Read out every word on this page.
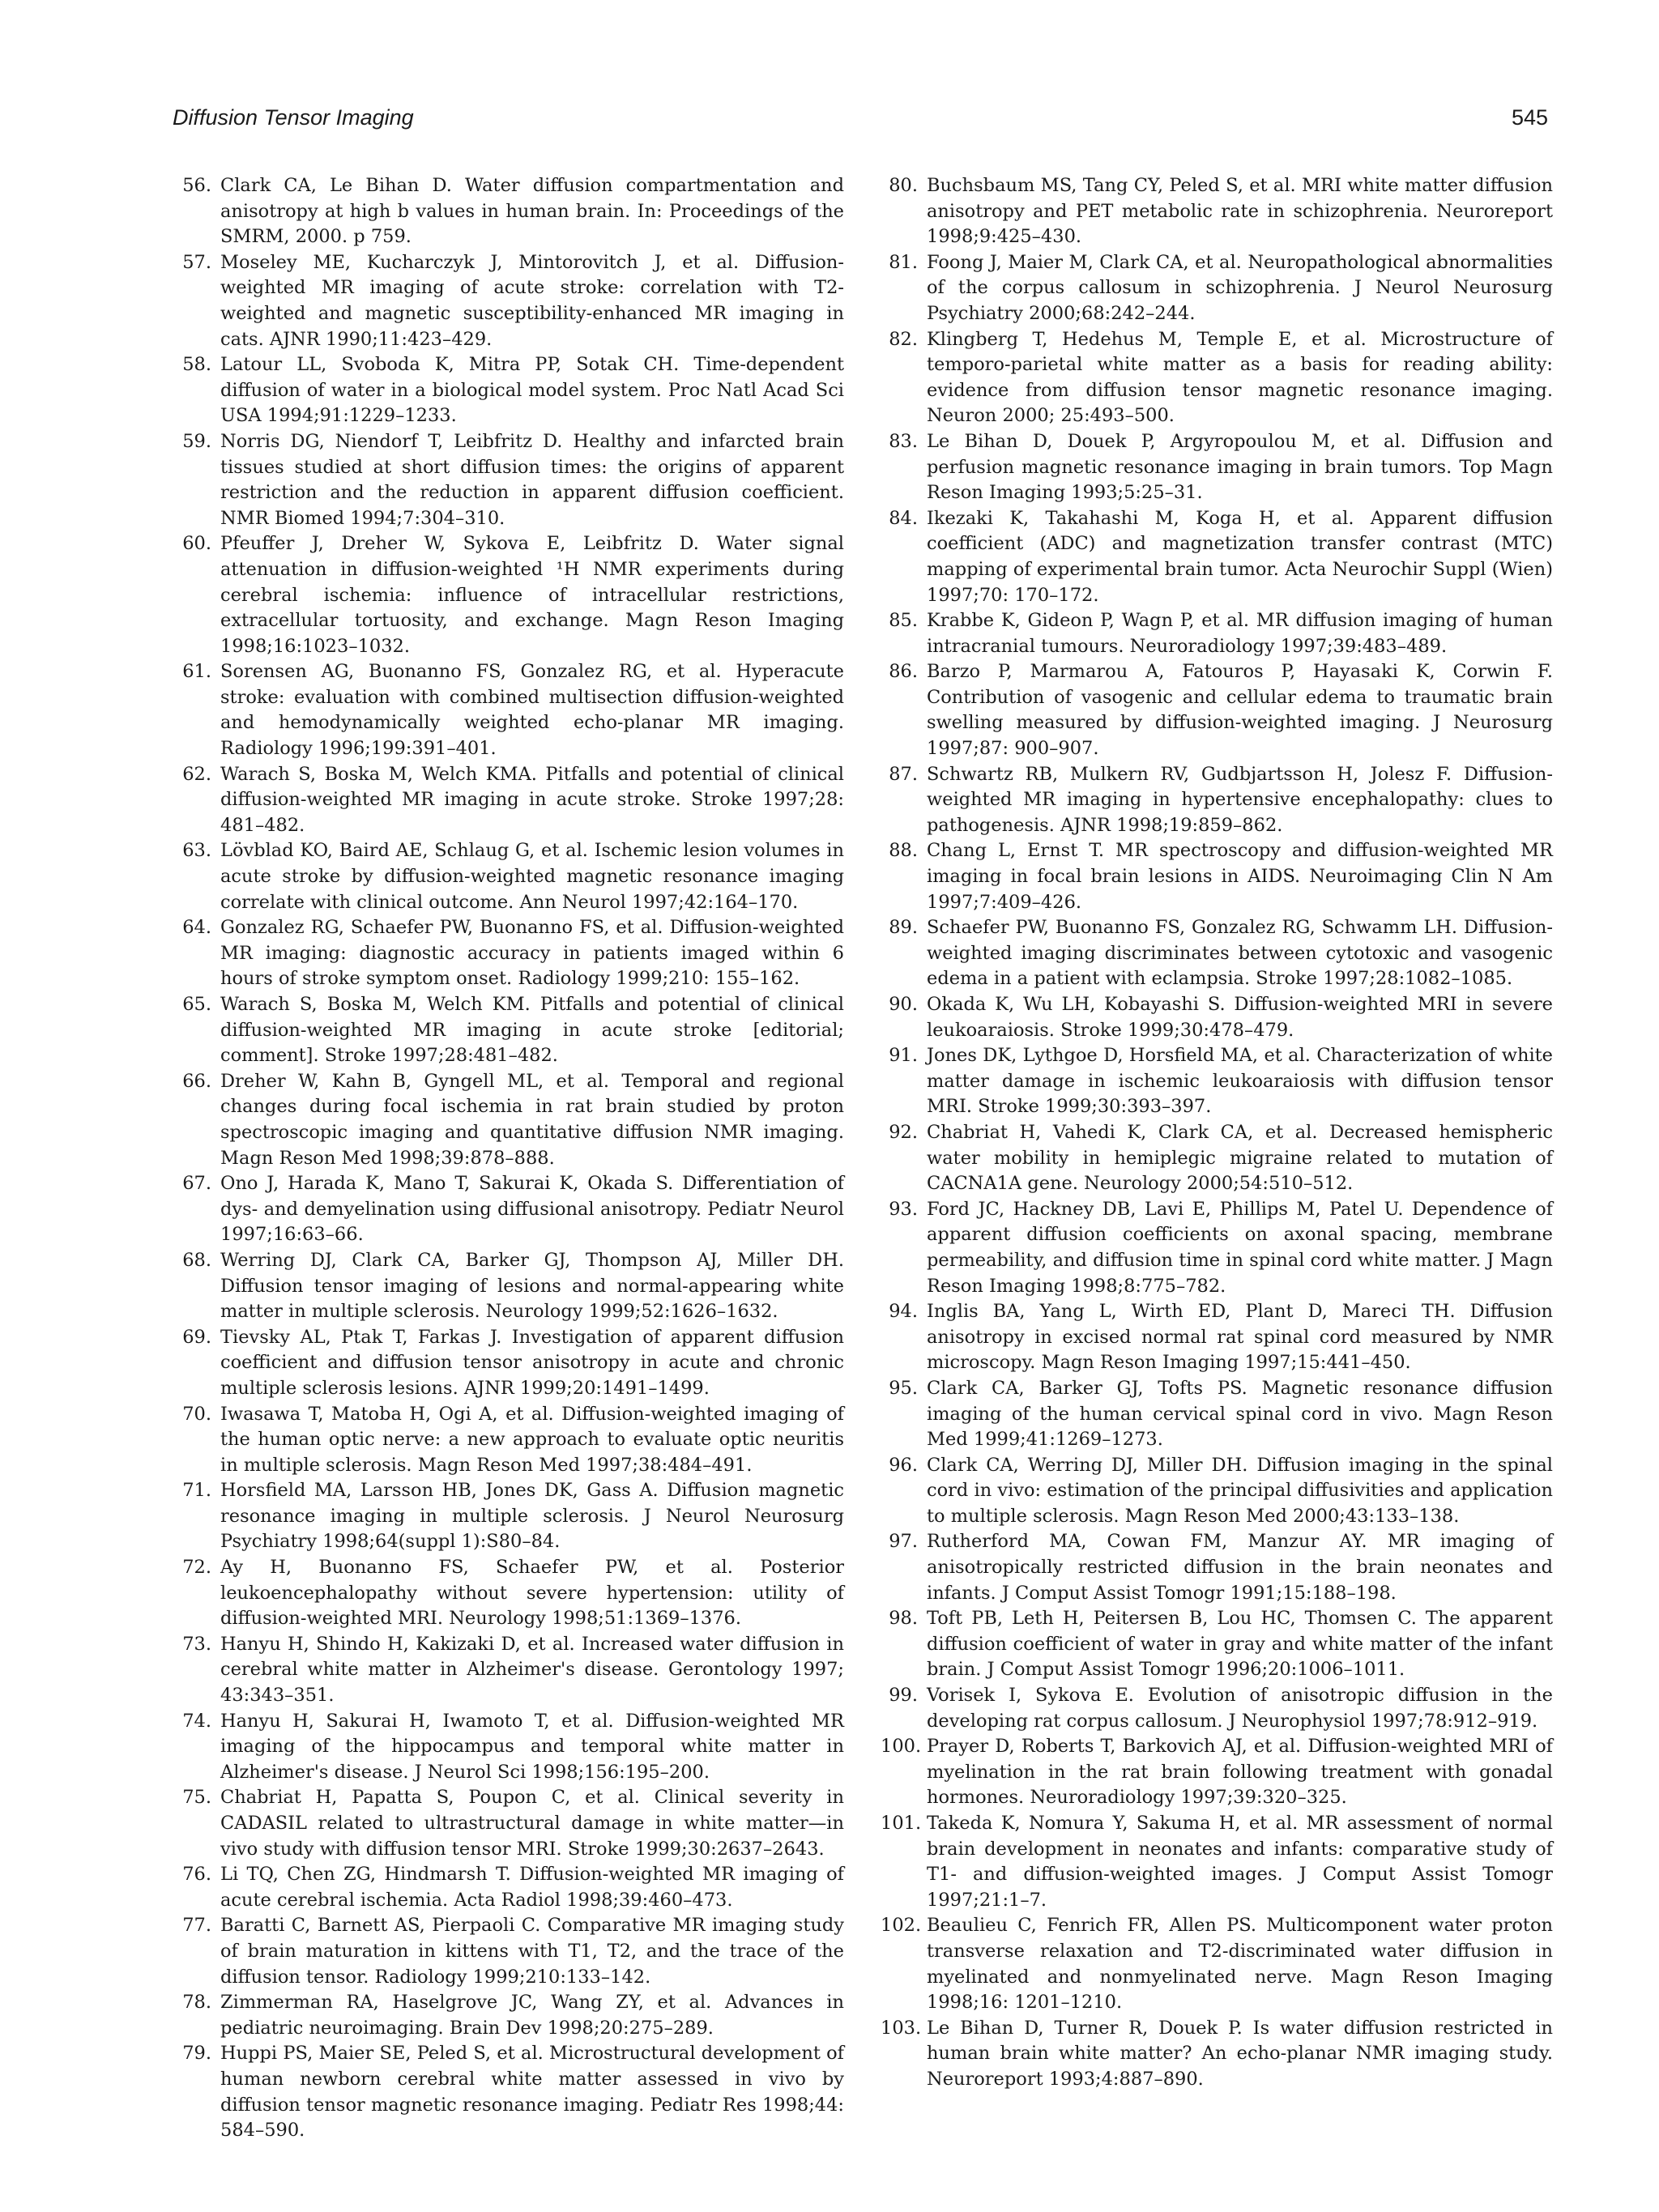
Diffusion Tensor Imaging	545
56. Clark CA, Le Bihan D. Water diffusion compartmentation and anisotropy at high b values in human brain. In: Proceedings of the SMRM, 2000. p 759.
57. Moseley ME, Kucharczyk J, Mintorovitch J, et al. Diffusion-weighted MR imaging of acute stroke: correlation with T2-weighted and magnetic susceptibility-enhanced MR imaging in cats. AJNR 1990;11:423–429.
58. Latour LL, Svoboda K, Mitra PP, Sotak CH. Time-dependent diffusion of water in a biological model system. Proc Natl Acad Sci USA 1994;91:1229–1233.
59. Norris DG, Niendorf T, Leibfritz D. Healthy and infarcted brain tissues studied at short diffusion times: the origins of apparent restriction and the reduction in apparent diffusion coefficient. NMR Biomed 1994;7:304–310.
60. Pfeuffer J, Dreher W, Sykova E, Leibfritz D. Water signal attenuation in diffusion-weighted ¹H NMR experiments during cerebral ischemia: influence of intracellular restrictions, extracellular tortuosity, and exchange. Magn Reson Imaging 1998;16:1023–1032.
61. Sorensen AG, Buonanno FS, Gonzalez RG, et al. Hyperacute stroke: evaluation with combined multisection diffusion-weighted and hemodynamically weighted echo-planar MR imaging. Radiology 1996;199:391–401.
62. Warach S, Boska M, Welch KMA. Pitfalls and potential of clinical diffusion-weighted MR imaging in acute stroke. Stroke 1997;28: 481–482.
63. Lövblad KO, Baird AE, Schlaug G, et al. Ischemic lesion volumes in acute stroke by diffusion-weighted magnetic resonance imaging correlate with clinical outcome. Ann Neurol 1997;42:164–170.
64. Gonzalez RG, Schaefer PW, Buonanno FS, et al. Diffusion-weighted MR imaging: diagnostic accuracy in patients imaged within 6 hours of stroke symptom onset. Radiology 1999;210: 155–162.
65. Warach S, Boska M, Welch KM. Pitfalls and potential of clinical diffusion-weighted MR imaging in acute stroke [editorial; comment]. Stroke 1997;28:481–482.
66. Dreher W, Kahn B, Gyngell ML, et al. Temporal and regional changes during focal ischemia in rat brain studied by proton spectroscopic imaging and quantitative diffusion NMR imaging. Magn Reson Med 1998;39:878–888.
67. Ono J, Harada K, Mano T, Sakurai K, Okada S. Differentiation of dys- and demyelination using diffusional anisotropy. Pediatr Neurol 1997;16:63–66.
68. Werring DJ, Clark CA, Barker GJ, Thompson AJ, Miller DH. Diffusion tensor imaging of lesions and normal-appearing white matter in multiple sclerosis. Neurology 1999;52:1626–1632.
69. Tievsky AL, Ptak T, Farkas J. Investigation of apparent diffusion coefficient and diffusion tensor anisotropy in acute and chronic multiple sclerosis lesions. AJNR 1999;20:1491–1499.
70. Iwasawa T, Matoba H, Ogi A, et al. Diffusion-weighted imaging of the human optic nerve: a new approach to evaluate optic neuritis in multiple sclerosis. Magn Reson Med 1997;38:484–491.
71. Horsfield MA, Larsson HB, Jones DK, Gass A. Diffusion magnetic resonance imaging in multiple sclerosis. J Neurol Neurosurg Psychiatry 1998;64(suppl 1):S80–84.
72. Ay H, Buonanno FS, Schaefer PW, et al. Posterior leukoencephalopathy without severe hypertension: utility of diffusion-weighted MRI. Neurology 1998;51:1369–1376.
73. Hanyu H, Shindo H, Kakizaki D, et al. Increased water diffusion in cerebral white matter in Alzheimer's disease. Gerontology 1997; 43:343–351.
74. Hanyu H, Sakurai H, Iwamoto T, et al. Diffusion-weighted MR imaging of the hippocampus and temporal white matter in Alzheimer's disease. J Neurol Sci 1998;156:195–200.
75. Chabriat H, Papatta S, Poupon C, et al. Clinical severity in CADASIL related to ultrastructural damage in white matter—in vivo study with diffusion tensor MRI. Stroke 1999;30:2637–2643.
76. Li TQ, Chen ZG, Hindmarsh T. Diffusion-weighted MR imaging of acute cerebral ischemia. Acta Radiol 1998;39:460–473.
77. Baratti C, Barnett AS, Pierpaoli C. Comparative MR imaging study of brain maturation in kittens with T1, T2, and the trace of the diffusion tensor. Radiology 1999;210:133–142.
78. Zimmerman RA, Haselgrove JC, Wang ZY, et al. Advances in pediatric neuroimaging. Brain Dev 1998;20:275–289.
79. Huppi PS, Maier SE, Peled S, et al. Microstructural development of human newborn cerebral white matter assessed in vivo by diffusion tensor magnetic resonance imaging. Pediatr Res 1998;44: 584–590.
80. Buchsbaum MS, Tang CY, Peled S, et al. MRI white matter diffusion anisotropy and PET metabolic rate in schizophrenia. Neuroreport 1998;9:425–430.
81. Foong J, Maier M, Clark CA, et al. Neuropathological abnormalities of the corpus callosum in schizophrenia. J Neurol Neurosurg Psychiatry 2000;68:242–244.
82. Klingberg T, Hedehus M, Temple E, et al. Microstructure of temporo-parietal white matter as a basis for reading ability: evidence from diffusion tensor magnetic resonance imaging. Neuron 2000; 25:493–500.
83. Le Bihan D, Douek P, Argyropoulou M, et al. Diffusion and perfusion magnetic resonance imaging in brain tumors. Top Magn Reson Imaging 1993;5:25–31.
84. Ikezaki K, Takahashi M, Koga H, et al. Apparent diffusion coefficient (ADC) and magnetization transfer contrast (MTC) mapping of experimental brain tumor. Acta Neurochir Suppl (Wien) 1997;70: 170–172.
85. Krabbe K, Gideon P, Wagn P, et al. MR diffusion imaging of human intracranial tumours. Neuroradiology 1997;39:483–489.
86. Barzo P, Marmarou A, Fatouros P, Hayasaki K, Corwin F. Contribution of vasogenic and cellular edema to traumatic brain swelling measured by diffusion-weighted imaging. J Neurosurg 1997;87: 900–907.
87. Schwartz RB, Mulkern RV, Gudbjartsson H, Jolesz F. Diffusion-weighted MR imaging in hypertensive encephalopathy: clues to pathogenesis. AJNR 1998;19:859–862.
88. Chang L, Ernst T. MR spectroscopy and diffusion-weighted MR imaging in focal brain lesions in AIDS. Neuroimaging Clin N Am 1997;7:409–426.
89. Schaefer PW, Buonanno FS, Gonzalez RG, Schwamm LH. Diffusion-weighted imaging discriminates between cytotoxic and vasogenic edema in a patient with eclampsia. Stroke 1997;28:1082–1085.
90. Okada K, Wu LH, Kobayashi S. Diffusion-weighted MRI in severe leukoaraiosis. Stroke 1999;30:478–479.
91. Jones DK, Lythgoe D, Horsfield MA, et al. Characterization of white matter damage in ischemic leukoaraiosis with diffusion tensor MRI. Stroke 1999;30:393–397.
92. Chabriat H, Vahedi K, Clark CA, et al. Decreased hemispheric water mobility in hemiplegic migraine related to mutation of CACNA1A gene. Neurology 2000;54:510–512.
93. Ford JC, Hackney DB, Lavi E, Phillips M, Patel U. Dependence of apparent diffusion coefficients on axonal spacing, membrane permeability, and diffusion time in spinal cord white matter. J Magn Reson Imaging 1998;8:775–782.
94. Inglis BA, Yang L, Wirth ED, Plant D, Mareci TH. Diffusion anisotropy in excised normal rat spinal cord measured by NMR microscopy. Magn Reson Imaging 1997;15:441–450.
95. Clark CA, Barker GJ, Tofts PS. Magnetic resonance diffusion imaging of the human cervical spinal cord in vivo. Magn Reson Med 1999;41:1269–1273.
96. Clark CA, Werring DJ, Miller DH. Diffusion imaging in the spinal cord in vivo: estimation of the principal diffusivities and application to multiple sclerosis. Magn Reson Med 2000;43:133–138.
97. Rutherford MA, Cowan FM, Manzur AY. MR imaging of anisotropically restricted diffusion in the brain neonates and infants. J Comput Assist Tomogr 1991;15:188–198.
98. Toft PB, Leth H, Peitersen B, Lou HC, Thomsen C. The apparent diffusion coefficient of water in gray and white matter of the infant brain. J Comput Assist Tomogr 1996;20:1006–1011.
99. Vorisek I, Sykova E. Evolution of anisotropic diffusion in the developing rat corpus callosum. J Neurophysiol 1997;78:912–919.
100. Prayer D, Roberts T, Barkovich AJ, et al. Diffusion-weighted MRI of myelination in the rat brain following treatment with gonadal hormones. Neuroradiology 1997;39:320–325.
101. Takeda K, Nomura Y, Sakuma H, et al. MR assessment of normal brain development in neonates and infants: comparative study of T1- and diffusion-weighted images. J Comput Assist Tomogr 1997;21:1–7.
102. Beaulieu C, Fenrich FR, Allen PS. Multicomponent water proton transverse relaxation and T2-discriminated water diffusion in myelinated and nonmyelinated nerve. Magn Reson Imaging 1998;16: 1201–1210.
103. Le Bihan D, Turner R, Douek P. Is water diffusion restricted in human brain white matter? An echo-planar NMR imaging study. Neuroreport 1993;4:887–890.
